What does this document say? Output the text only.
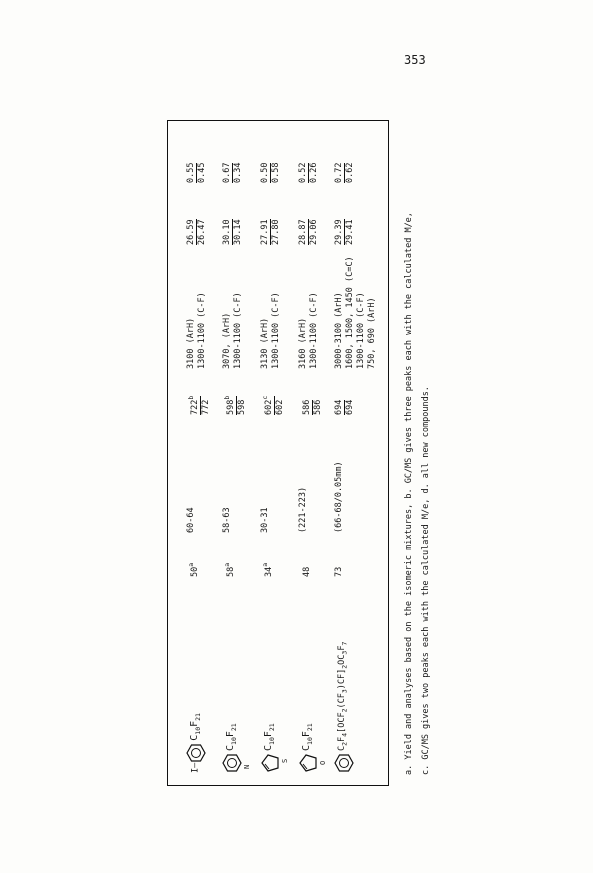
353
$I—C_{10}F_{21}$
50$^a$
60-64
722$^b$
772
3100 (ArH) 1300-1100 (C-F)
26.59 26.47
0.55 0.45
$C_{10}F_{21}$
N
58$^a$
58-63
598$^b$
598
3070, (ArH) 1300-1100 (C-F)
30.10 30.14
0.67 0.34
$C_{10}F_{21}$
S
34$^a$
30-31
602$^c$
602
3130 (ArH) 1300-1100 (C-F)
27.91 27.80
0.50 0.58
$C_{10}F_{21}$
O
48
(221-223)
586 586
3160 (ArH) 1300-1100 (C-F)
28.87 29.06
0.52 0.26
$C_2F_4[OCF_2(CF_3)CF]_2OC_3F_7$
73
(66-68/0.05mm)
694 694
3000-3100 (ArH) 1600, 1500, 1450 (C=C) 1300-1100 (C-F) 750, 690 (ArH)
29.39 29.41
0.72 0.62
a. Yield and analyses based on the isomeric mixtures, b. GC/MS gives three peaks each with the calculated M/e, c. GC/MS gives two peaks each with the calculated M/e, d. all new compounds.
